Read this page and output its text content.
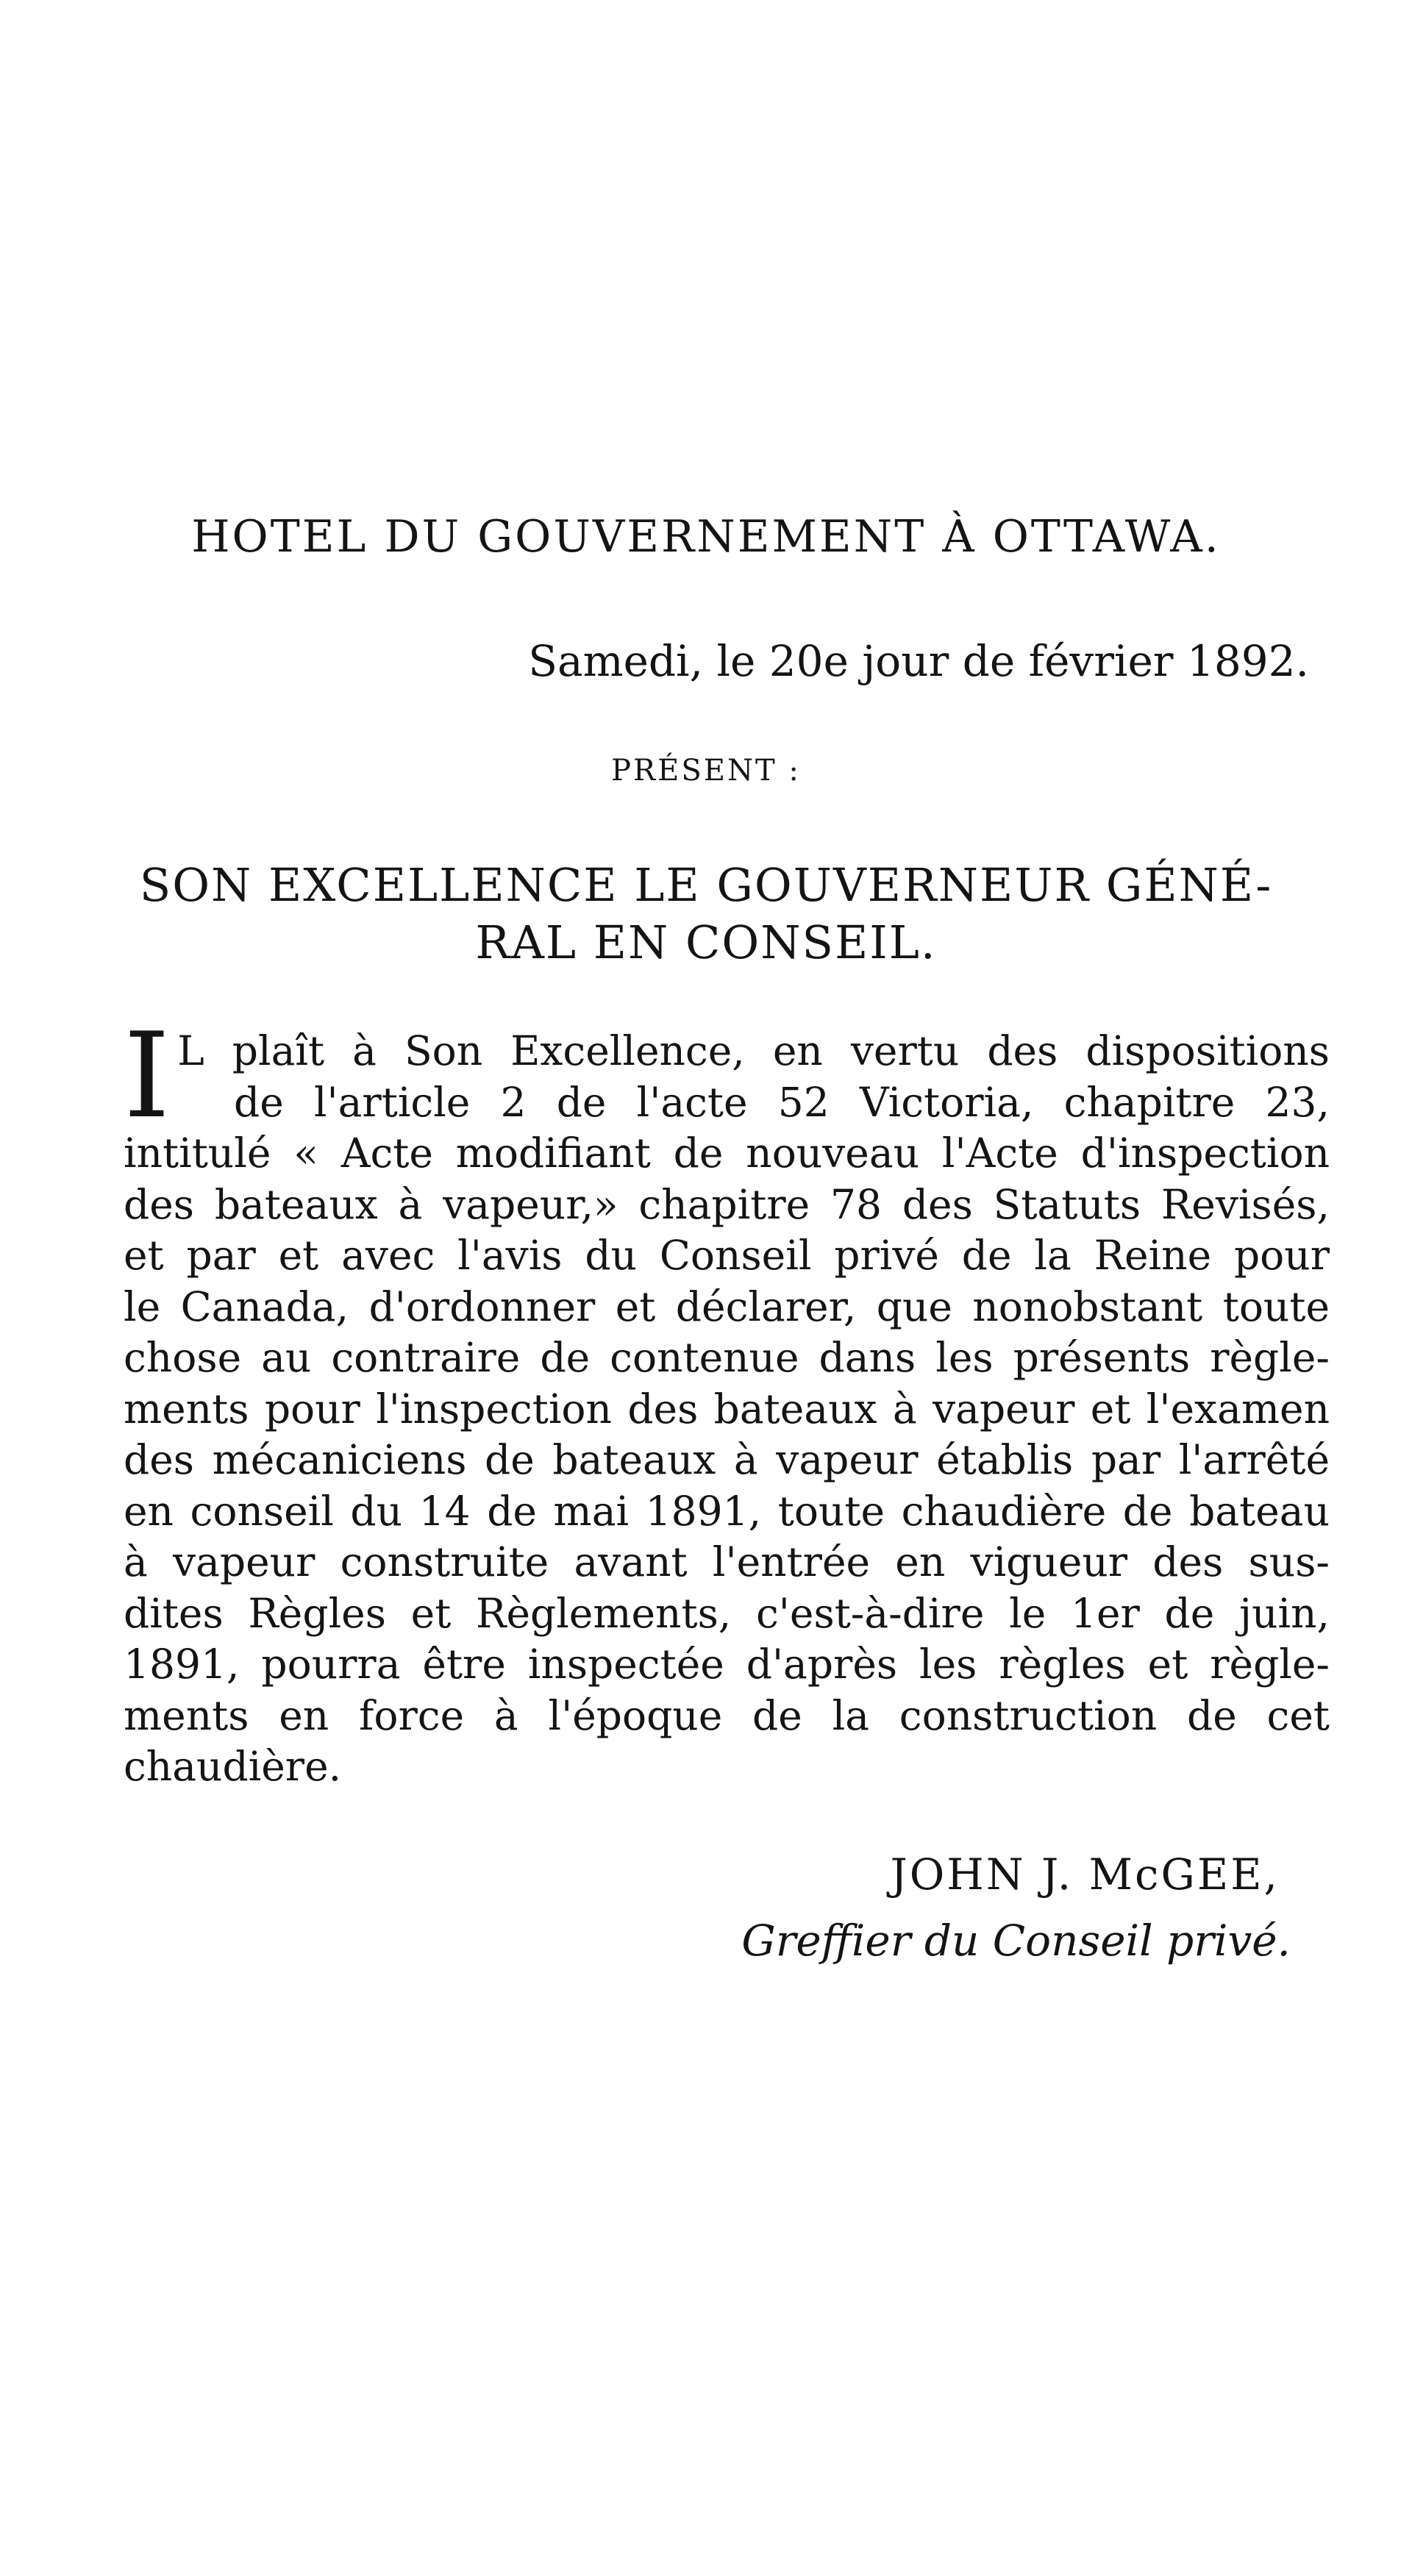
HOTEL DU GOUVERNEMENT À OTTAWA.
Samedi, le 20e jour de février 1892.
PRÉSENT :
SON EXCELLENCE LE GOUVERNEUR GÉNÉ-
RAL EN CONSEIL.
I L plaît à Son Excellence, en vertu des dispositions
de l'article 2 de l'acte 52 Victoria, chapitre 23,
intitulé « Acte modifiant de nouveau l'Acte d'inspection
des bateaux à vapeur,» chapitre 78 des Statuts Revisés,
et par et avec l'avis du Conseil privé de la Reine pour
le Canada, d'ordonner et déclarer, que nonobstant toute
chose au contraire de contenue dans les présents règle-
ments pour l'inspection des bateaux à vapeur et l'examen
des mécaniciens de bateaux à vapeur établis par l'arrêté
en conseil du 14 de mai 1891, toute chaudière de bateau
à vapeur construite avant l'entrée en vigueur des sus-
dites Règles et Règlements, c'est-à-dire le 1er de juin,
1891, pourra être inspectée d'après les règles et règle-
ments en force à l'époque de la construction de cet
chaudière.
JOHN J. McGEE,
Greffier du Conseil privé.
